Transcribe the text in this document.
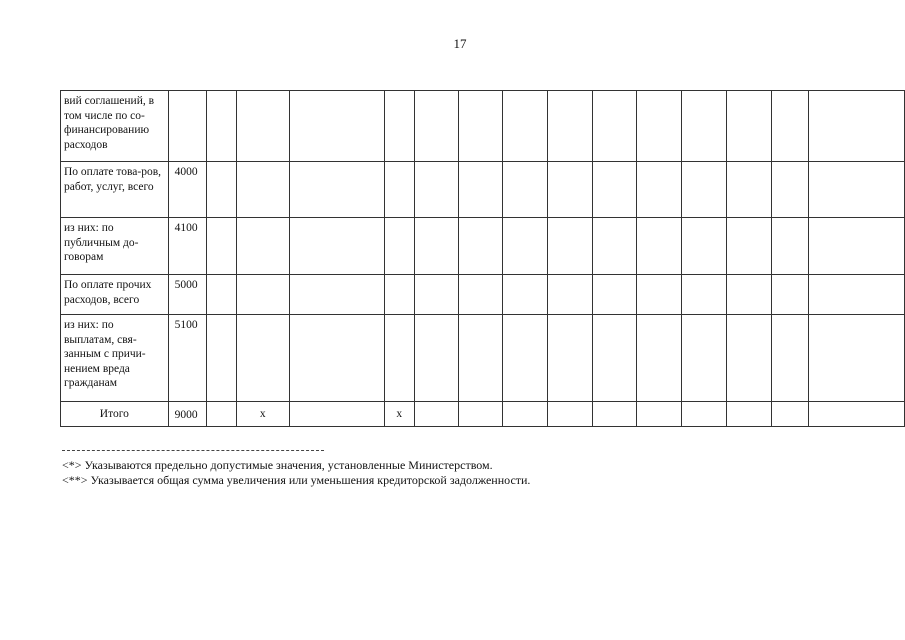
17
вий соглашений, в том числе по со-финансированию расходов															
По оплате това-ров, работ, услуг, всего	4000														
из них: по публичным до-говорам	4100														
По оплате прочих расходов, всего	5000														
из них: по выплатам, свя-занным с причи-нением вреда гражданам	5100														
Итого	9000		x		x										
<*> Указываются предельно допустимые значения, установленные Министерством.
<**> Указывается общая сумма увеличения или уменьшения кредиторской задолженности.
